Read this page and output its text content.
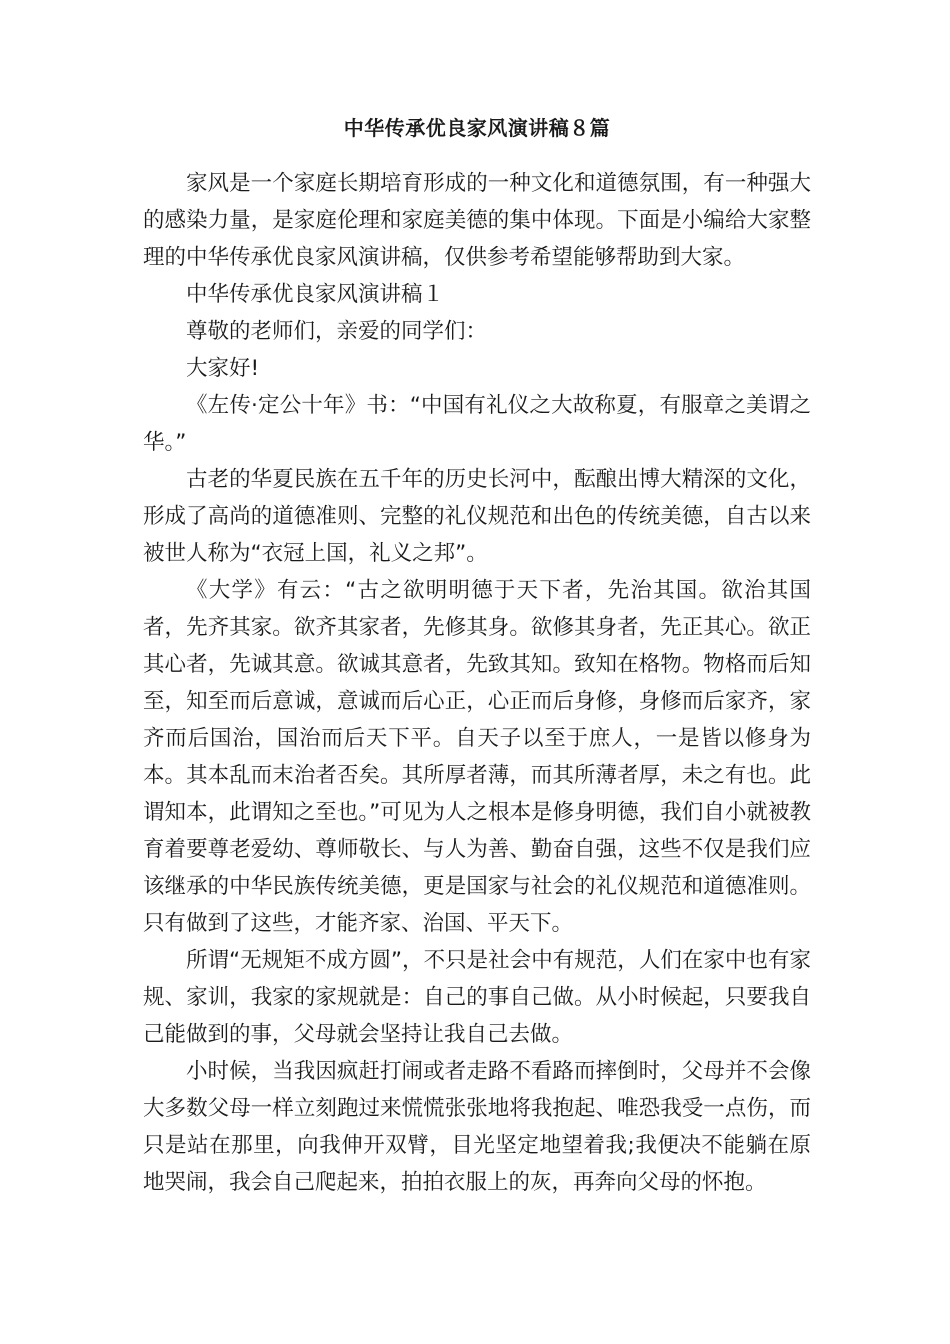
中华传承优良家风演讲稿８篇

家风是一个家庭长期培育形成的一种文化和道德氛围，有一种强大的感染力量，是家庭伦理和家庭美德的集中体现。下面是小编给大家整理的中华传承优良家风演讲稿，仅供参考希望能够帮助到大家。

中华传承优良家风演讲稿１

尊敬的老师们，亲爱的同学们：

大家好!

《左传·定公十年》书：“中国有礼仪之大故称夏，有服章之美谓之华。”

古老的华夏民族在五千年的历史长河中，酝酿出博大精深的文化，形成了高尚的道德准则、完整的礼仪规范和出色的传统美德，自古以来被世人称为“衣冠上国，礼义之邦”。

《大学》有云：“古之欲明明德于天下者，先治其国。欲治其国者，先齐其家。欲齐其家者，先修其身。欲修其身者，先正其心。欲正其心者，先诚其意。欲诚其意者，先致其知。致知在格物。物格而后知至，知至而后意诚，意诚而后心正，心正而后身修，身修而后家齐，家齐而后国治，国治而后天下平。自天子以至于庶人，一是皆以修身为本。其本乱而末治者否矣。其所厚者薄，而其所薄者厚，未之有也。此谓知本，此谓知之至也。”可见为人之根本是修身明德，我们自小就被教育着要尊老爱幼、尊师敬长、与人为善、勤奋自强，这些不仅是我们应该继承的中华民族传统美德，更是国家与社会的礼仪规范和道德准则。只有做到了这些，才能齐家、治国、平天下。

所谓“无规矩不成方圆”，不只是社会中有规范，人们在家中也有家规、家训，我家的家规就是：自己的事自己做。从小时候起，只要我自己能做到的事，父母就会坚持让我自己去做。

小时候，当我因疯赶打闹或者走路不看路而摔倒时，父母并不会像大多数父母一样立刻跑过来慌慌张张地将我抱起、唯恐我受一点伤，而只是站在那里，向我伸开双臂，目光坚定地望着我;我便决不能躺在原地哭闹，我会自己爬起来，拍拍衣服上的灰，再奔向父母的怀抱。
